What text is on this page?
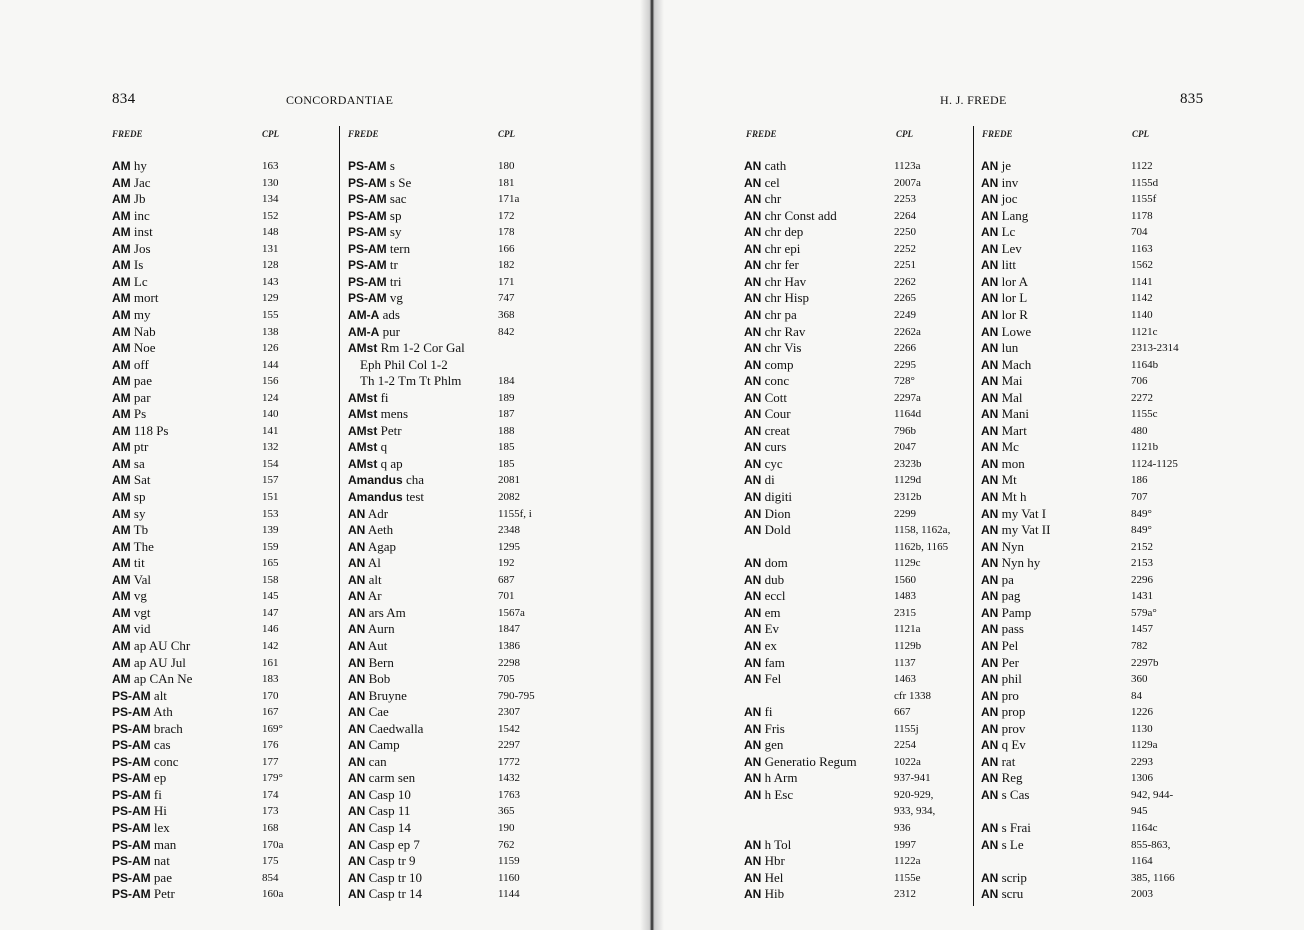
834	CONCORDANTIAE
FREDE	CPL	FREDE	CPL
AM hy	163
AM Jac	130
AM Jb	134
AM inc	152
AM inst	148
AM Jos	131
AM Is	128
AM Lc	143
AM mort	129
AM my	155
AM Nab	138
AM Noe	126
AM off	144
AM pae	156
AM par	124
AM Ps	140
AM 118 Ps	141
AM ptr	132
AM sa	154
AM Sat	157
AM sp	151
AM sy	153
AM Tb	139
AM The	159
AM tit	165
AM Val	158
AM vg	145
AM vgt	147
AM vid	146
AM ap AU Chr	142
AM ap AU Jul	161
AM ap CAn Ne	183
PS-AM alt	170
PS-AM Ath	167
PS-AM brach	169°
PS-AM cas	176
PS-AM conc	177
PS-AM ep	179°
PS-AM fi	174
PS-AM Hi	173
PS-AM lex	168
PS-AM man	170a
PS-AM nat	175
PS-AM pae	854
PS-AM Petr	160a
PS-AM s	180
PS-AM s Se	181
PS-AM sac	171a
PS-AM sp	172
PS-AM sy	178
PS-AM tern	166
PS-AM tr	182
PS-AM tri	171
PS-AM vg	747
AM-A ads	368
AM-A pur	842
AMst Rm 1-2 Cor Gal
Eph Phil Col 1-2
Th 1-2 Tm Tt Phlm	184
AMst fi	189
AMst mens	187
AMst Petr	188
AMst q	185
AMst q ap	185
Amandus cha	2081
Amandus test	2082
AN Adr	1155f, i
AN Aeth	2348
AN Agap	1295
AN Al	192
AN alt	687
AN Ar	701
AN ars Am	1567a
AN Aurn	1847
AN Aut	1386
AN Bern	2298
AN Bob	705
AN Bruyne	790-795
AN Cae	2307
AN Caedwalla	1542
AN Camp	2297
AN can	1772
AN carm sen	1432
AN Casp 10	1763
AN Casp 11	365
AN Casp 14	190
AN Casp ep 7	762
AN Casp tr 9	1159
AN Casp tr 10	1160
AN Casp tr 14	1144
H. J. FREDE	835
FREDE	CPL	FREDE	CPL
AN cath	1123a
AN cel	2007a
AN chr	2253
AN chr Const add	2264
AN chr dep	2250
AN chr epi	2252
AN chr fer	2251
AN chr Hav	2262
AN chr Hisp	2265
AN chr pa	2249
AN chr Rav	2262a
AN chr Vis	2266
AN comp	2295
AN conc	728°
AN Cott	2297a
AN Cour	1164d
AN creat	796b
AN curs	2047
AN cyc	2323b
AN di	1129d
AN digiti	2312b
AN Dion	2299
AN Dold	1158, 1162a,
1162b, 1165
AN dom	1129c
AN dub	1560
AN eccl	1483
AN em	2315
AN Ev	1121a
AN ex	1129b
AN fam	1137
AN Fel	1463
cfr 1338
AN fi	667
AN Fris	1155j
AN gen	2254
AN Generatio Regum	1022a
AN h Arm	937-941
AN h Esc	920-929,
933, 934,
936
AN h Tol	1997
AN Hbr	1122a
AN Hel	1155e
AN Hib	2312
AN je	1122
AN inv	1155d
AN joc	1155f
AN Lang	1178
AN Lc	704
AN Lev	1163
AN litt	1562
AN lor A	1141
AN lor L	1142
AN lor R	1140
AN Lowe	1121c
AN lun	2313-2314
AN Mach	1164b
AN Mai	706
AN Mal	2272
AN Mani	1155c
AN Mart	480
AN Mc	1121b
AN mon	1124-1125
AN Mt	186
AN Mt h	707
AN my Vat I	849°
AN my Vat II	849°
AN Nyn	2152
AN Nyn hy	2153
AN pa	2296
AN pag	1431
AN Pamp	579a°
AN pass	1457
AN Pel	782
AN Per	2297b
AN phil	360
AN pro	84
AN prop	1226
AN prov	1130
AN q Ev	1129a
AN rat	2293
AN Reg	1306
AN s Cas	942, 944-
945
AN s Frai	1164c
AN s Le	855-863,
1164
AN scrip	385, 1166
AN scru	2003
